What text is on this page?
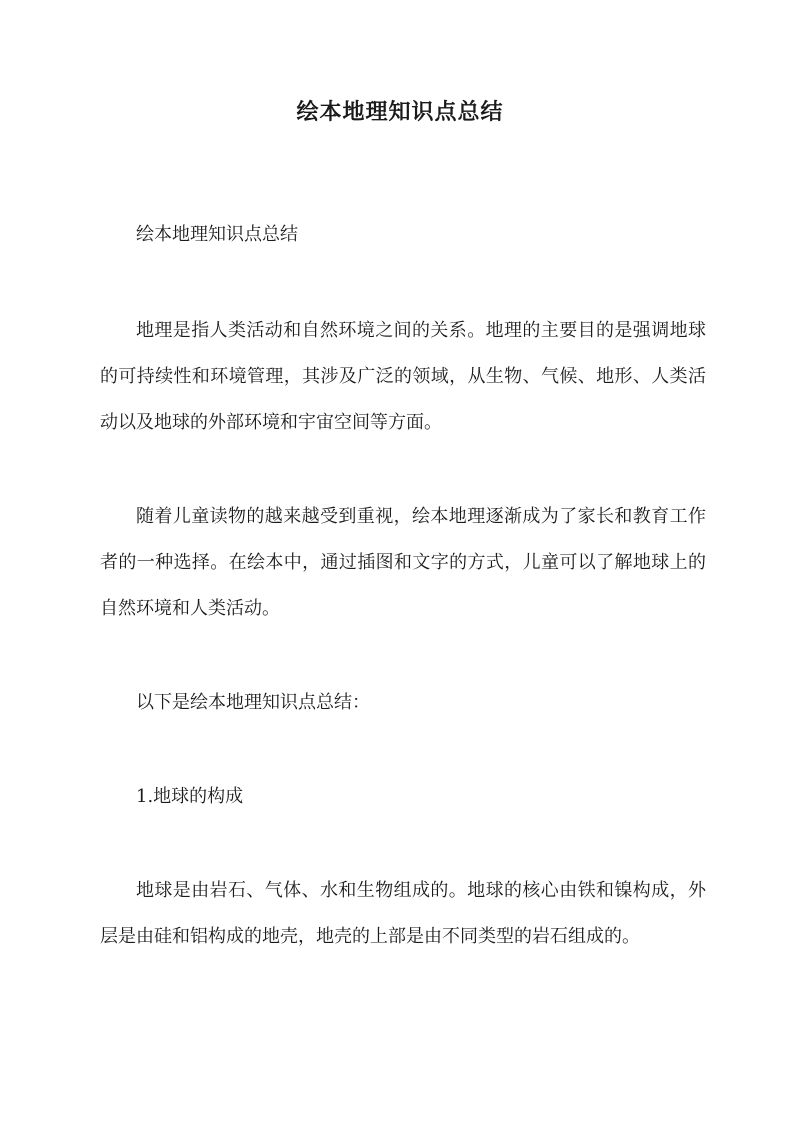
绘本地理知识点总结

绘本地理知识点总结

地理是指人类活动和自然环境之间的关系。地理的主要目的是强调地球的可持续性和环境管理，其涉及广泛的领域，从生物、气候、地形、人类活动以及地球的外部环境和宇宙空间等方面。

随着儿童读物的越来越受到重视，绘本地理逐渐成为了家长和教育工作者的一种选择。在绘本中，通过插图和文字的方式，儿童可以了解地球上的自然环境和人类活动。

以下是绘本地理知识点总结：

1.地球的构成

地球是由岩石、气体、水和生物组成的。地球的核心由铁和镍构成，外层是由硅和铝构成的地壳，地壳的上部是由不同类型的岩石组成的。
